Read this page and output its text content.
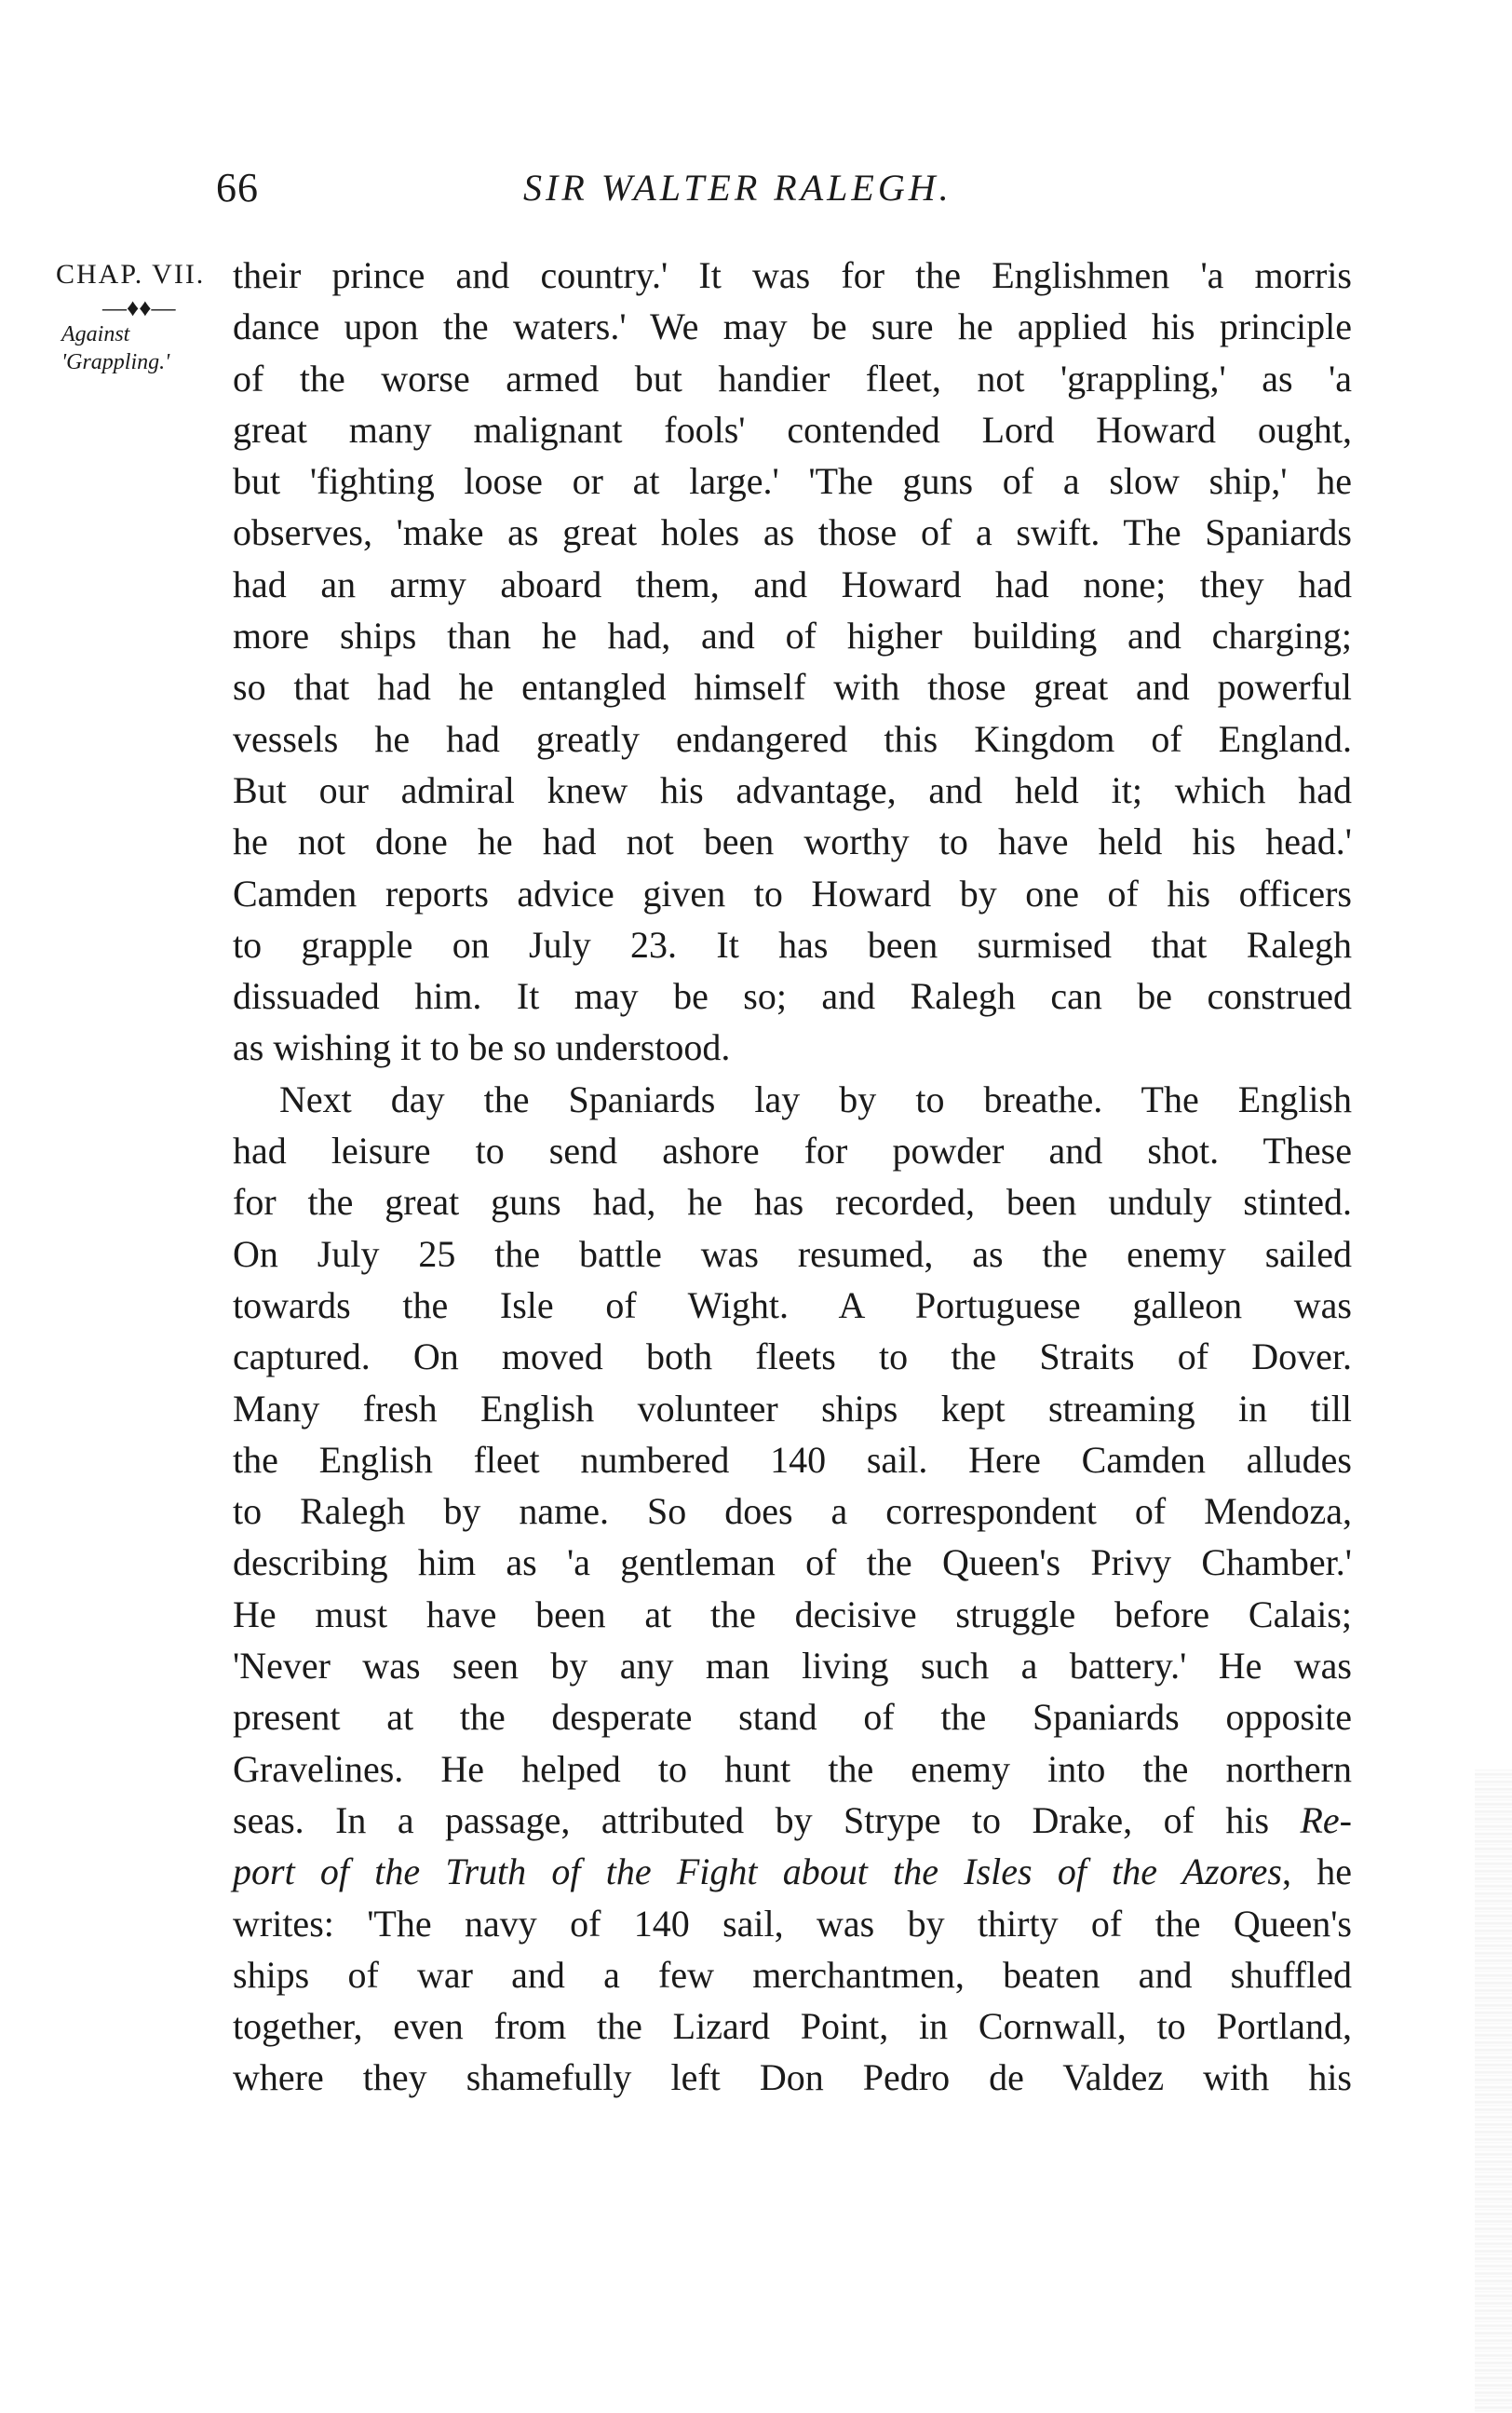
66	SIR WALTER RALEGH.
CHAP. VII.
—♦♦—
Against
'Grappling.'
their prince and country.' It was for the Englishmen 'a morris
dance upon the waters.' We may be sure he applied his principle
of the worse armed but handier fleet, not 'grappling,' as 'a
great many malignant fools' contended Lord Howard ought,
but 'fighting loose or at large.' 'The guns of a slow ship,' he
observes, 'make as great holes as those of a swift. The Spaniards
had an army aboard them, and Howard had none; they had
more ships than he had, and of higher building and charging;
so that had he entangled himself with those great and powerful
vessels he had greatly endangered this Kingdom of England.
But our admiral knew his advantage, and held it; which had
he not done he had not been worthy to have held his head.'
Camden reports advice given to Howard by one of his officers
to grapple on July 23. It has been surmised that Ralegh
dissuaded him. It may be so; and Ralegh can be construed
as wishing it to be so understood.
Next day the Spaniards lay by to breathe. The English
had leisure to send ashore for powder and shot. These
for the great guns had, he has recorded, been unduly stinted.
On July 25 the battle was resumed, as the enemy sailed
towards the Isle of Wight. A Portuguese galleon was
captured. On moved both fleets to the Straits of Dover.
Many fresh English volunteer ships kept streaming in till
the English fleet numbered 140 sail. Here Camden alludes
to Ralegh by name. So does a correspondent of Mendoza,
describing him as 'a gentleman of the Queen's Privy Chamber.'
He must have been at the decisive struggle before Calais;
'Never was seen by any man living such a battery.' He was
present at the desperate stand of the Spaniards opposite
Gravelines. He helped to hunt the enemy into the northern
seas. In a passage, attributed by Strype to Drake, of his Re-
port of the Truth of the Fight about the Isles of the Azores, he
writes: 'The navy of 140 sail, was by thirty of the Queen's
ships of war and a few merchantmen, beaten and shuffled
together, even from the Lizard Point, in Cornwall, to Portland,
where they shamefully left Don Pedro de Valdez with his
